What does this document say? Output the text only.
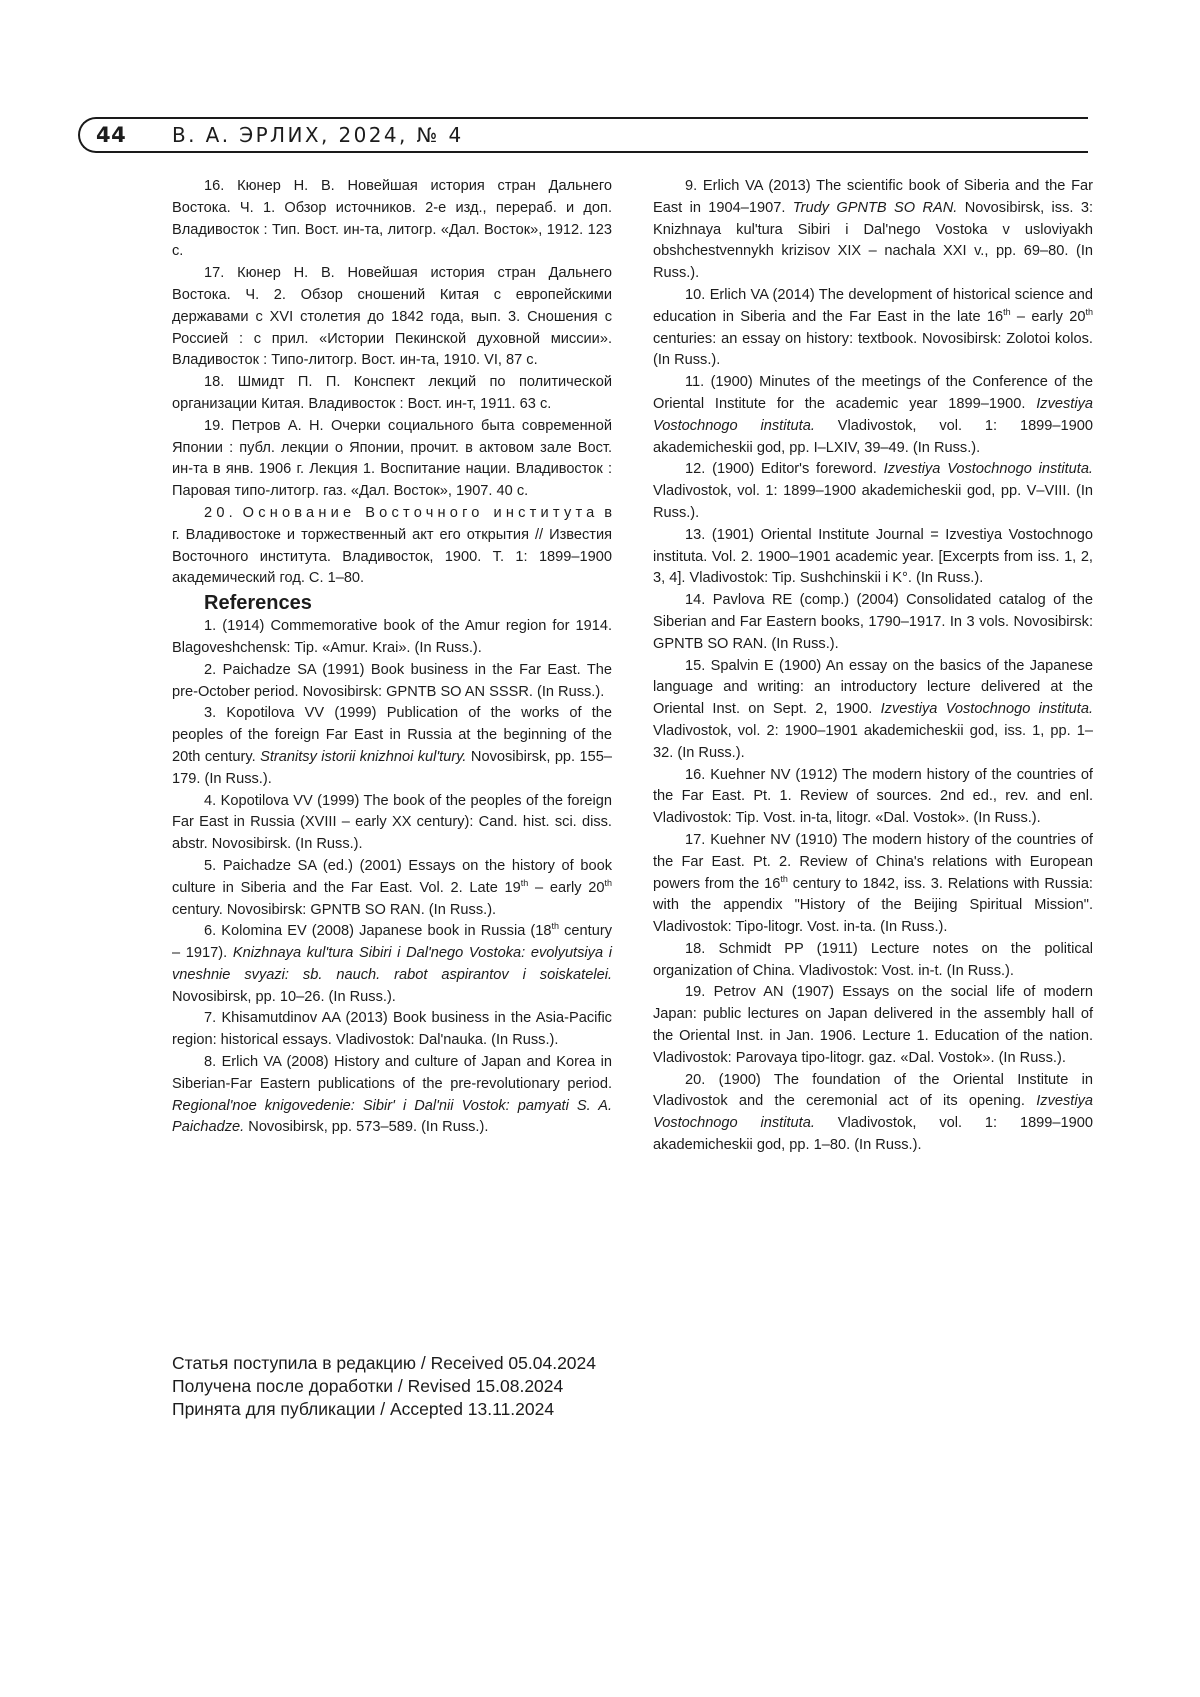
44 В. А. ЭРЛИХ, 2024, № 4

16. Кюнер Н. В. Новейшая история стран Дальнего Востока. Ч. 1. Обзор источников. 2-е изд., перераб. и доп. Владивосток : Тип. Вост. ин-та, литогр. «Дал. Восток», 1912. 123 с.

17. Кюнер Н. В. Новейшая история стран Дальнего Востока. Ч. 2. Обзор сношений Китая с европейскими державами с XVI столетия до 1842 года, вып. 3. Сношения с Россией : с прил. «Истории Пекинской духовной миссии». Владивосток : Типо-литогр. Вост. ин-та, 1910. VI, 87 с.

18. Шмидт П. П. Конспект лекций по политической организации Китая. Владивосток : Вост. ин-т, 1911. 63 с.

19. Петров А. Н. Очерки социального быта современной Японии : публ. лекции о Японии, прочит. в актовом зале Вост. ин-та в янв. 1906 г. Лекция 1. Воспитание нации. Владивосток : Паровая типо-литогр. газ. «Дал. Восток», 1907. 40 с.

20. Основание Восточного института в г. Владивостоке и торжественный акт его открытия // Известия Восточного института. Владивосток, 1900. Т. 1: 1899–1900 академический год. С. 1–80.

References

1. (1914) Commemorative book of the Amur region for 1914. Blagoveshchensk: Tip. «Amur. Krai». (In Russ.).

2. Paichadze SA (1991) Book business in the Far East. The pre-October period. Novosibirsk: GPNTB SO AN SSSR. (In Russ.).

3. Kopotilova VV (1999) Publication of the works of the peoples of the foreign Far East in Russia at the beginning of the 20th century. Stranitsy istorii knizhnoi kul'tury. Novosibirsk, pp. 155–179. (In Russ.).

4. Kopotilova VV (1999) The book of the peoples of the foreign Far East in Russia (XVIII – early XX century): Cand. hist. sci. diss. abstr. Novosibirsk. (In Russ.).

5. Paichadze SA (ed.) (2001) Essays on the history of book culture in Siberia and the Far East. Vol. 2. Late 19th – early 20th century. Novosibirsk: GPNTB SO RAN. (In Russ.).

6. Kolomina EV (2008) Japanese book in Russia (18th century – 1917). Knizhnaya kul'tura Sibiri i Dal'nego Vostoka: evolyutsiya i vneshnie svyazi: sb. nauch. rabot aspirantov i soiskatelei. Novosibirsk, pp. 10–26. (In Russ.).

7. Khisamutdinov AA (2013) Book business in the Asia-Pacific region: historical essays. Vladivostok: Dal'nauka. (In Russ.).

8. Erlich VA (2008) History and culture of Japan and Korea in Siberian-Far Eastern publications of the pre-revolutionary period. Regional'noe knigovedenie: Sibir' i Dal'nii Vostok: pamyati S. A. Paichadze. Novosibirsk, pp. 573–589. (In Russ.).

9. Erlich VA (2013) The scientific book of Siberia and the Far East in 1904–1907. Trudy GPNTB SO RAN. Novosibirsk, iss. 3: Knizhnaya kul'tura Sibiri i Dal'nego Vostoka v usloviyakh obshchestvennykh krizisov XIX – nachala XXI v., pp. 69–80. (In Russ.).

10. Erlich VA (2014) The development of historical science and education in Siberia and the Far East in the late 16th – early 20th centuries: an essay on history: textbook. Novosibirsk: Zolotoi kolos. (In Russ.).

11. (1900) Minutes of the meetings of the Conference of the Oriental Institute for the academic year 1899–1900. Izvestiya Vostochnogo instituta. Vladivostok, vol. 1: 1899–1900 akademicheskii god, pp. I–LXIV, 39–49. (In Russ.).

12. (1900) Editor's foreword. Izvestiya Vostochnogo instituta. Vladivostok, vol. 1: 1899–1900 akademicheskii god, pp. V–VIII. (In Russ.).

13. (1901) Oriental Institute Journal = Izvestiya Vostochnogo instituta. Vol. 2. 1900–1901 academic year. [Excerpts from iss. 1, 2, 3, 4]. Vladivostok: Tip. Sushchinskii i K°. (In Russ.).

14. Pavlova RE (comp.) (2004) Consolidated catalog of the Siberian and Far Eastern books, 1790–1917. In 3 vols. Novosibirsk: GPNTB SO RAN. (In Russ.).

15. Spalvin E (1900) An essay on the basics of the Japanese language and writing: an introductory lecture delivered at the Oriental Inst. on Sept. 2, 1900. Izvestiya Vostochnogo instituta. Vladivostok, vol. 2: 1900–1901 akademicheskii god, iss. 1, pp. 1–32. (In Russ.).

16. Kuehner NV (1912) The modern history of the countries of the Far East. Pt. 1. Review of sources. 2nd ed., rev. and enl. Vladivostok: Tip. Vost. in-ta, litogr. «Dal. Vostok». (In Russ.).

17. Kuehner NV (1910) The modern history of the countries of the Far East. Pt. 2. Review of China's relations with European powers from the 16th century to 1842, iss. 3. Relations with Russia: with the appendix "History of the Beijing Spiritual Mission". Vladivostok: Tipo-litogr. Vost. in-ta. (In Russ.).

18. Schmidt PP (1911) Lecture notes on the political organization of China. Vladivostok: Vost. in-t. (In Russ.).

19. Petrov AN (1907) Essays on the social life of modern Japan: public lectures on Japan delivered in the assembly hall of the Oriental Inst. in Jan. 1906. Lecture 1. Education of the nation. Vladivostok: Parovaya tipo-litogr. gaz. «Dal. Vostok». (In Russ.).

20. (1900) The foundation of the Oriental Institute in Vladivostok and the ceremonial act of its opening. Izvestiya Vostochnogo instituta. Vladivostok, vol. 1: 1899–1900 akademicheskii god, pp. 1–80. (In Russ.).

Статья поступила в редакцию / Received 05.04.2024
Получена после доработки / Revised 15.08.2024
Принята для публикации / Accepted 13.11.2024
